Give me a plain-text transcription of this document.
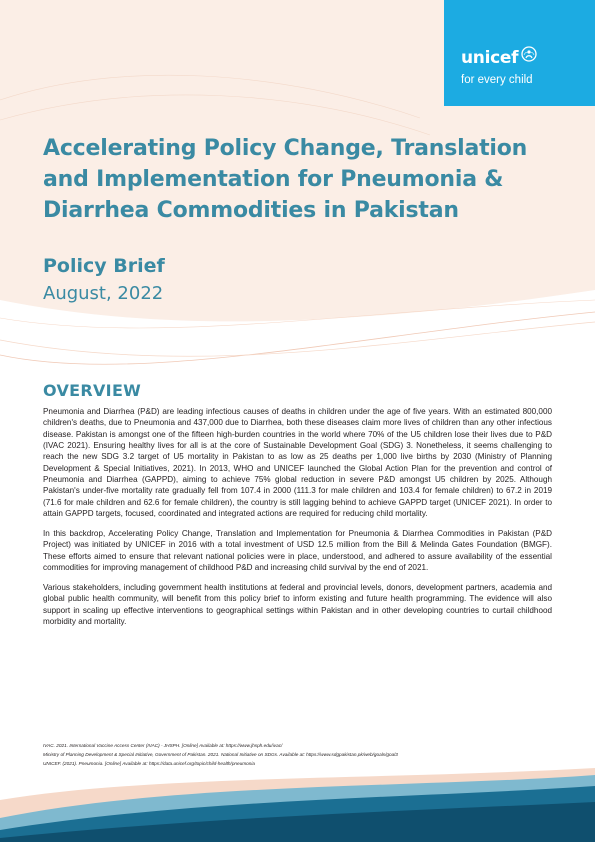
unicef
for every child
Accelerating Policy Change, Translation and Implementation for Pneumonia & Diarrhea Commodities in Pakistan
Policy Brief
August, 2022
OVERVIEW

Pneumonia and Diarrhea (P&D) are leading infectious causes of deaths in children under the age of five years. With an estimated 800,000 children's deaths, due to Pneumonia and 437,000 due to Diarrhea, both these diseases claim more lives of children than any other infectious disease. Pakistan is amongst one of the fifteen high-burden countries in the world where 70% of the U5 children lose their lives due to P&D (IVAC 2021). Ensuring healthy lives for all is at the core of Sustainable Development Goal (SDG) 3. Nonetheless, it seems challenging to reach the new SDG 3.2 target of U5 mortality in Pakistan to as low as 25 deaths per 1,000 live births by 2030 (Ministry of Planning Development & Special Initiatives, 2021). In 2013, WHO and UNICEF launched the Global Action Plan for the prevention and control of Pneumonia and Diarrhea (GAPPD), aiming to achieve 75% global reduction in severe P&D amongst U5 children by 2025. Although Pakistan's under-five mortality rate gradually fell from 107.4 in 2000 (111.3 for male children and 103.4 for female children) to 67.2 in 2019 (71.6 for male children and 62.6 for female children), the country is still lagging behind to achieve GAPPD target (UNICEF 2021). In order to attain GAPPD targets, focused, coordinated and integrated actions are required for reducing child mortality.

In this backdrop, Accelerating Policy Change, Translation and Implementation for Pneumonia & Diarrhea Commodities in Pakistan (P&D Project) was initiated by UNICEF in 2016 with a total investment of USD 12.5 million from the Bill & Melinda Gates Foundation (BMGF). These efforts aimed to ensure that relevant national policies were in place, understood, and adhered to assure availability of the essential commodities for improving management of childhood P&D and increasing child survival by the end of 2021.

Various stakeholders, including government health institutions at federal and provincial levels, donors, development partners, academia and global public health community, will benefit from this policy brief to inform existing and future health programming. The evidence will also support in scaling up effective interventions to geographical settings within Pakistan and in other developing countries to curtail childhood morbidity and mortality.

IVAC. 2021. International Vaccine Access Center (IVAC) - JHSPH. [Online] Available at: https://www.jhsph.edu/ivac/
Ministry of Planning Development & Special Initiative, Government of Pakistan. 2021. National Initiative on SDGs. Available at: https://www.sdgpakistan.pk/web/goals/goal3
UNICEF. (2021). Pneumonia. [Online] Available at: https://data.unicef.org/topic/child-health/pneumonia
